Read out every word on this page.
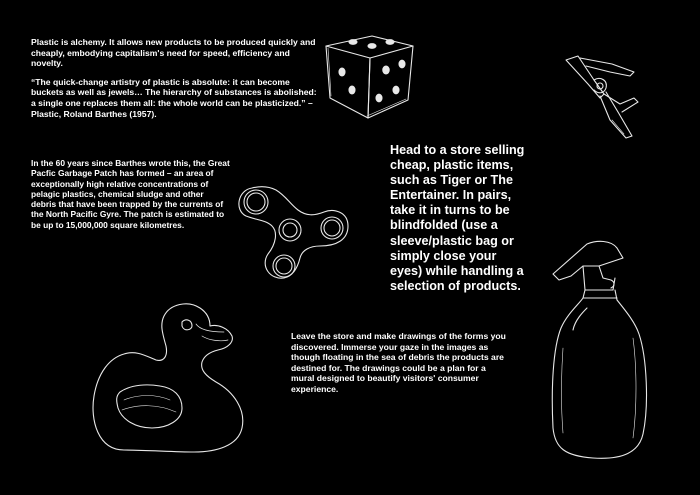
Plastic is alchemy. It allows new products to be produced quickly and cheaply, embodying capitalism's need for speed, efficiency and novelty.

“The quick-change artistry of plastic is absolute: it can become buckets as well as jewels… The hierarchy of substances is abolished: a single one replaces them all: the whole world can be plasticized.” – Plastic, Roland Barthes (1957).

In the 60 years since Barthes wrote this, the Great Pacfic Garbage Patch has formed – an area of exceptionally high relative concentrations of pelagic plastics, chemical sludge and other debris that have been trapped by the currents of the North Pacific Gyre. The patch is estimated to be up to 15,000,000 square kilometres.

Head to a store selling cheap, plastic items, such as Tiger or The Entertainer. In pairs, take it in turns to be blindfolded (use a sleeve/plastic bag or simply close your eyes) while handling a selection of products.

Leave the store and make drawings of the forms you discovered. Immerse your gaze in the images as though floating in the sea of debris the products are destined for. The drawings could be a plan for a mural designed to beautify visitors' consumer experience.
